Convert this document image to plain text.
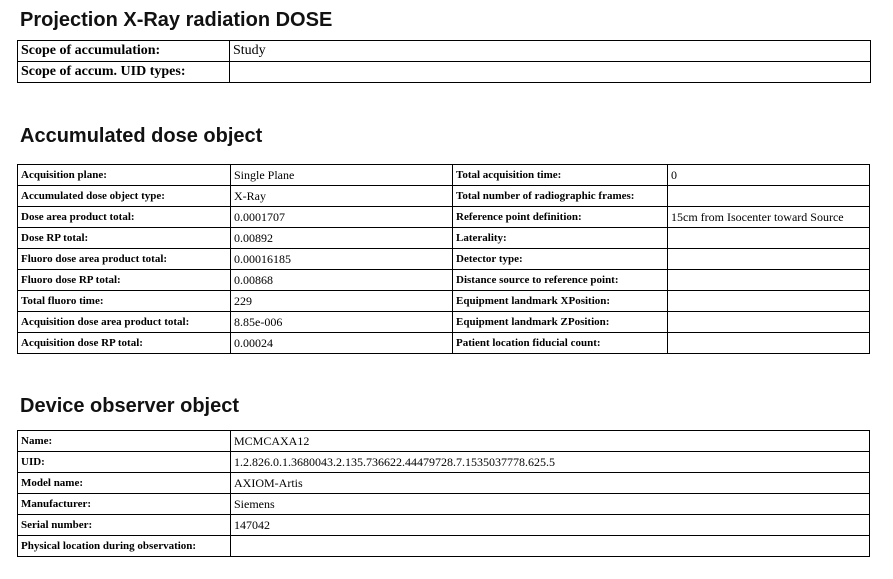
Projection X-Ray radiation DOSE
Scope of accumulation:	Study
Scope of accum. UID types:	
Accumulated dose object
Acquisition plane:	Single Plane	Total acquisition time:	0
Accumulated dose object type:	X-Ray	Total number of radiographic frames:	
Dose area product total:	0.0001707	Reference point definition:	15cm from Isocenter toward Source
Dose RP total:	0.00892	Laterality:	
Fluoro dose area product total:	0.00016185	Detector type:	
Fluoro dose RP total:	0.00868	Distance source to reference point:	
Total fluoro time:	229	Equipment landmark XPosition:	
Acquisition dose area product total:	8.85e-006	Equipment landmark ZPosition:	
Acquisition dose RP total:	0.00024	Patient location fiducial count:	
Device observer object
Name:	MCMCAXA12
UID:	1.2.826.0.1.3680043.2.135.736622.44479728.7.1535037778.625.5
Model name:	AXIOM-Artis
Manufacturer:	Siemens
Serial number:	147042
Physical location during observation:	
